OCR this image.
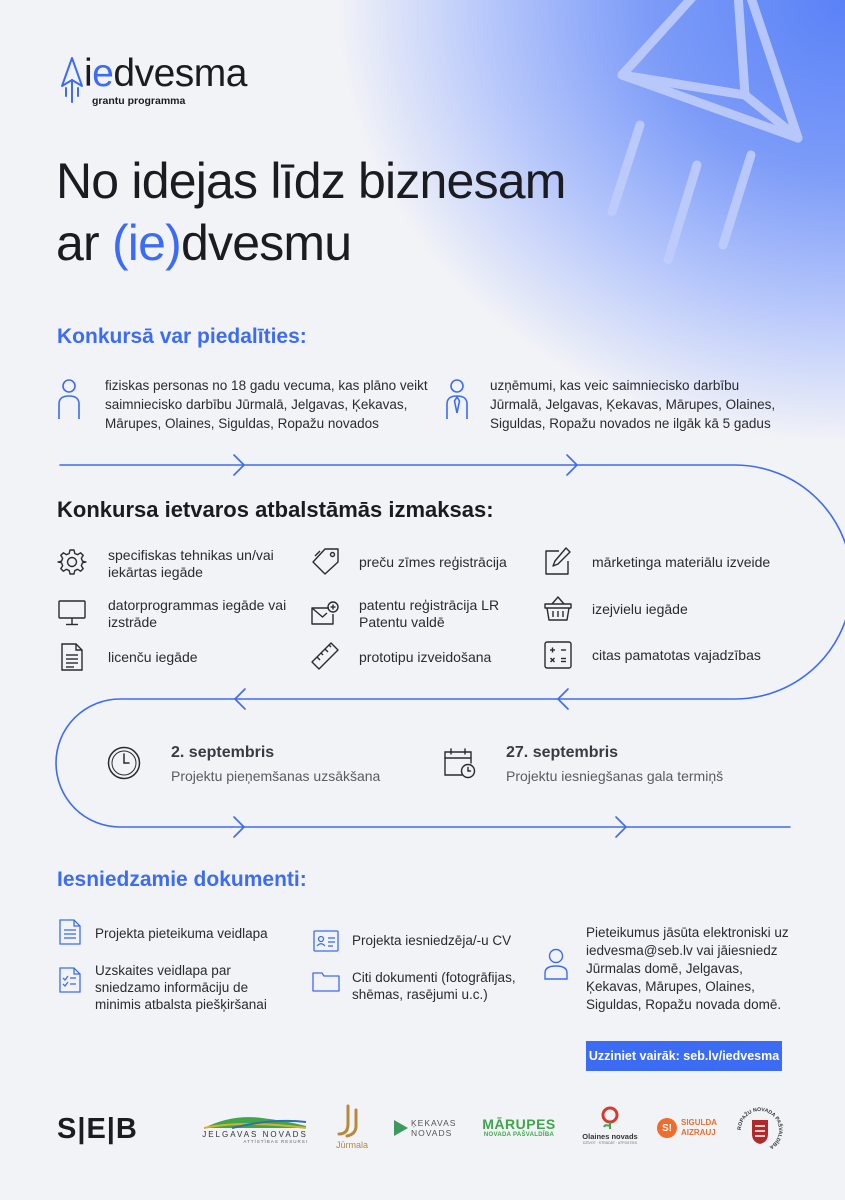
iedvesma
grantu programma
No idejas līdz biznesam
ar (ie)dvesmu
Konkursā var piedalīties:
fiziskas personas no 18 gadu vecuma, kas plāno veikt saimniecisko darbību Jūrmalā, Jelgavas, Ķekavas, Mārupes, Olaines, Siguldas, Ropažu novados
uzņēmumi, kas veic saimniecisko darbību Jūrmalā, Jelgavas, Ķekavas, Mārupes, Olaines, Siguldas, Ropažu novados ne ilgāk kā 5 gadus
Konkursa ietvaros atbalstāmās izmaksas:
specifiskas tehnikas un/vai iekārtas iegāde
datorprogrammas iegāde vai izstrāde
licenču iegāde
preču zīmes reģistrācija
patentu reģistrācija LR Patentu valdē
prototipu izveidošana
mārketinga materiālu izveide
izejvielu iegāde
citas pamatotas vajadzības
2. septembris
Projektu pieņemšanas uzsākšana
27. septembris
Projektu iesniegšanas gala termiņš
Iesniedzamie dokumenti:
Projekta pieteikuma veidlapa
Uzskaites veidlapa par sniedzamo informāciju de minimis atbalsta piešķiršanai
Projekta iesniedzēja/-u CV
Citi dokumenti (fotogrāfijas, shēmas, rasējumi u.c.)
Pieteikumus jāsūta elektroniski uz iedvesma@seb.lv vai jāiesniedz Jūrmalas domē, Jelgavas, Ķekavas, Mārupes, Olaines, Siguldas, Ropažu novada domē.
Uzziniet vairāk: seb.lv/iedvesma
S|E|B	JELGAVAS NOVADS
ATTĪSTĪBAS RESURSI	Jūrmala
ĶEKAVAS
NOVADS
MĀRUPES
NOVADA PAŠVALDĪBA	Olaines novads
DZĪVOT · STRĀDĀT · ATPŪSTIES
S!	SIGULDA
AIZRAUJ	ROPAŽU NOVADA PAŠVALDĪBA
